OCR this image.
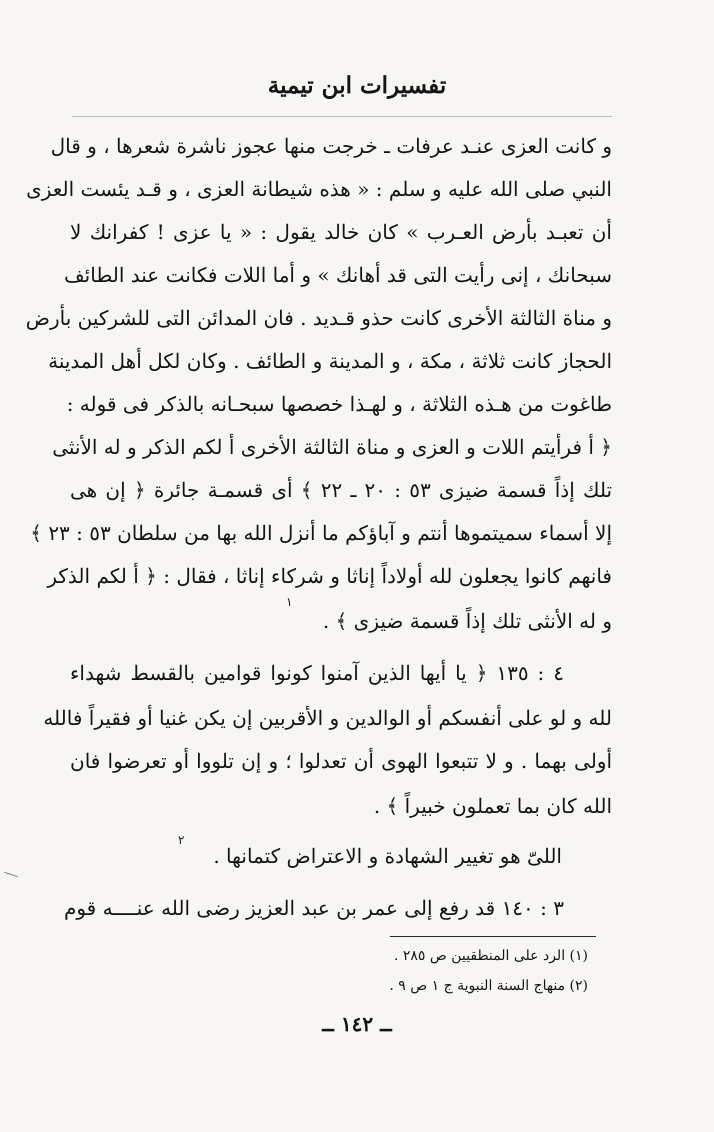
تفسيرات ابن تيمية
و كانت العزى عنـد عرفات ـ خرجت منها عجوز ناشرة شعرها ، و قال
النبي صلى الله عليه و سلم : « هذه شيطانة العزى ، و قـد يئست العزى
أن تعبـد بأرض العـرب » كان خالد يقول : « يا عزى ! كفرانك لا
سبحانك ، إنى رأيت التى قد أهانك » و أما اللات فكانت عند الطائف
و مناة الثالثة الأخرى كانت حذو قـديد . فان المدائن التى للشركين بأرض
الحجاز كانت ثلاثة ، مكة ، و المدينة و الطائف . وكان لكل أهل المدينة
طاغوت من هـذه الثلاثة ، و لهـذا خصصها سبحـانه بالذكر فى قوله :
﴿ أ فرأيتم اللات و العزى و مناة الثالثة الأخرى أ لكم الذكر و له الأنثى
تلك إذاً قسمة ضيزى ٥٣ : ٢٠ ـ ٢٢ ﴾ أى قسمـة جائرة ﴿ إن هى
إلا أسماء سميتموها أنتم و آباؤكم ما أنزل الله بها من سلطان ٥٣ : ٢٣ ﴾
فانهم كانوا يجعلون لله أولاداً إناثا و شركاء إناثا ، فقال : ﴿ أ لكم الذكر
و له الأنثى تلك إذاً قسمة ضيزى ﴾ .
١
٤ : ١٣٥ ﴿ يا أيها الذين آمنوا كونوا قوامين بالقسط شهداء
لله و لو على أنفسكم أو الوالدين و الأقربين إن يكن غنيا أو فقيراً فالله
أولى بهما . و لا تتبعوا الهوى أن تعدلوا ؛ و إن تلووا أو تعرضوا فان
الله كان بما تعملون خبيراً ﴾ .
اللىّ هو تغيير الشهادة و الاعتراض كتمانها .
٢
٣ : ١٤٠ قد رفع إلى عمر بن عبد العزيز رضى الله عنــــه قوم
(١) الرد على المنطقيين ص ٢٨٥ .
(٢) منهاج السنة النبوية ج ١ ص ٩ .
ــ ١٤٢ ــ
